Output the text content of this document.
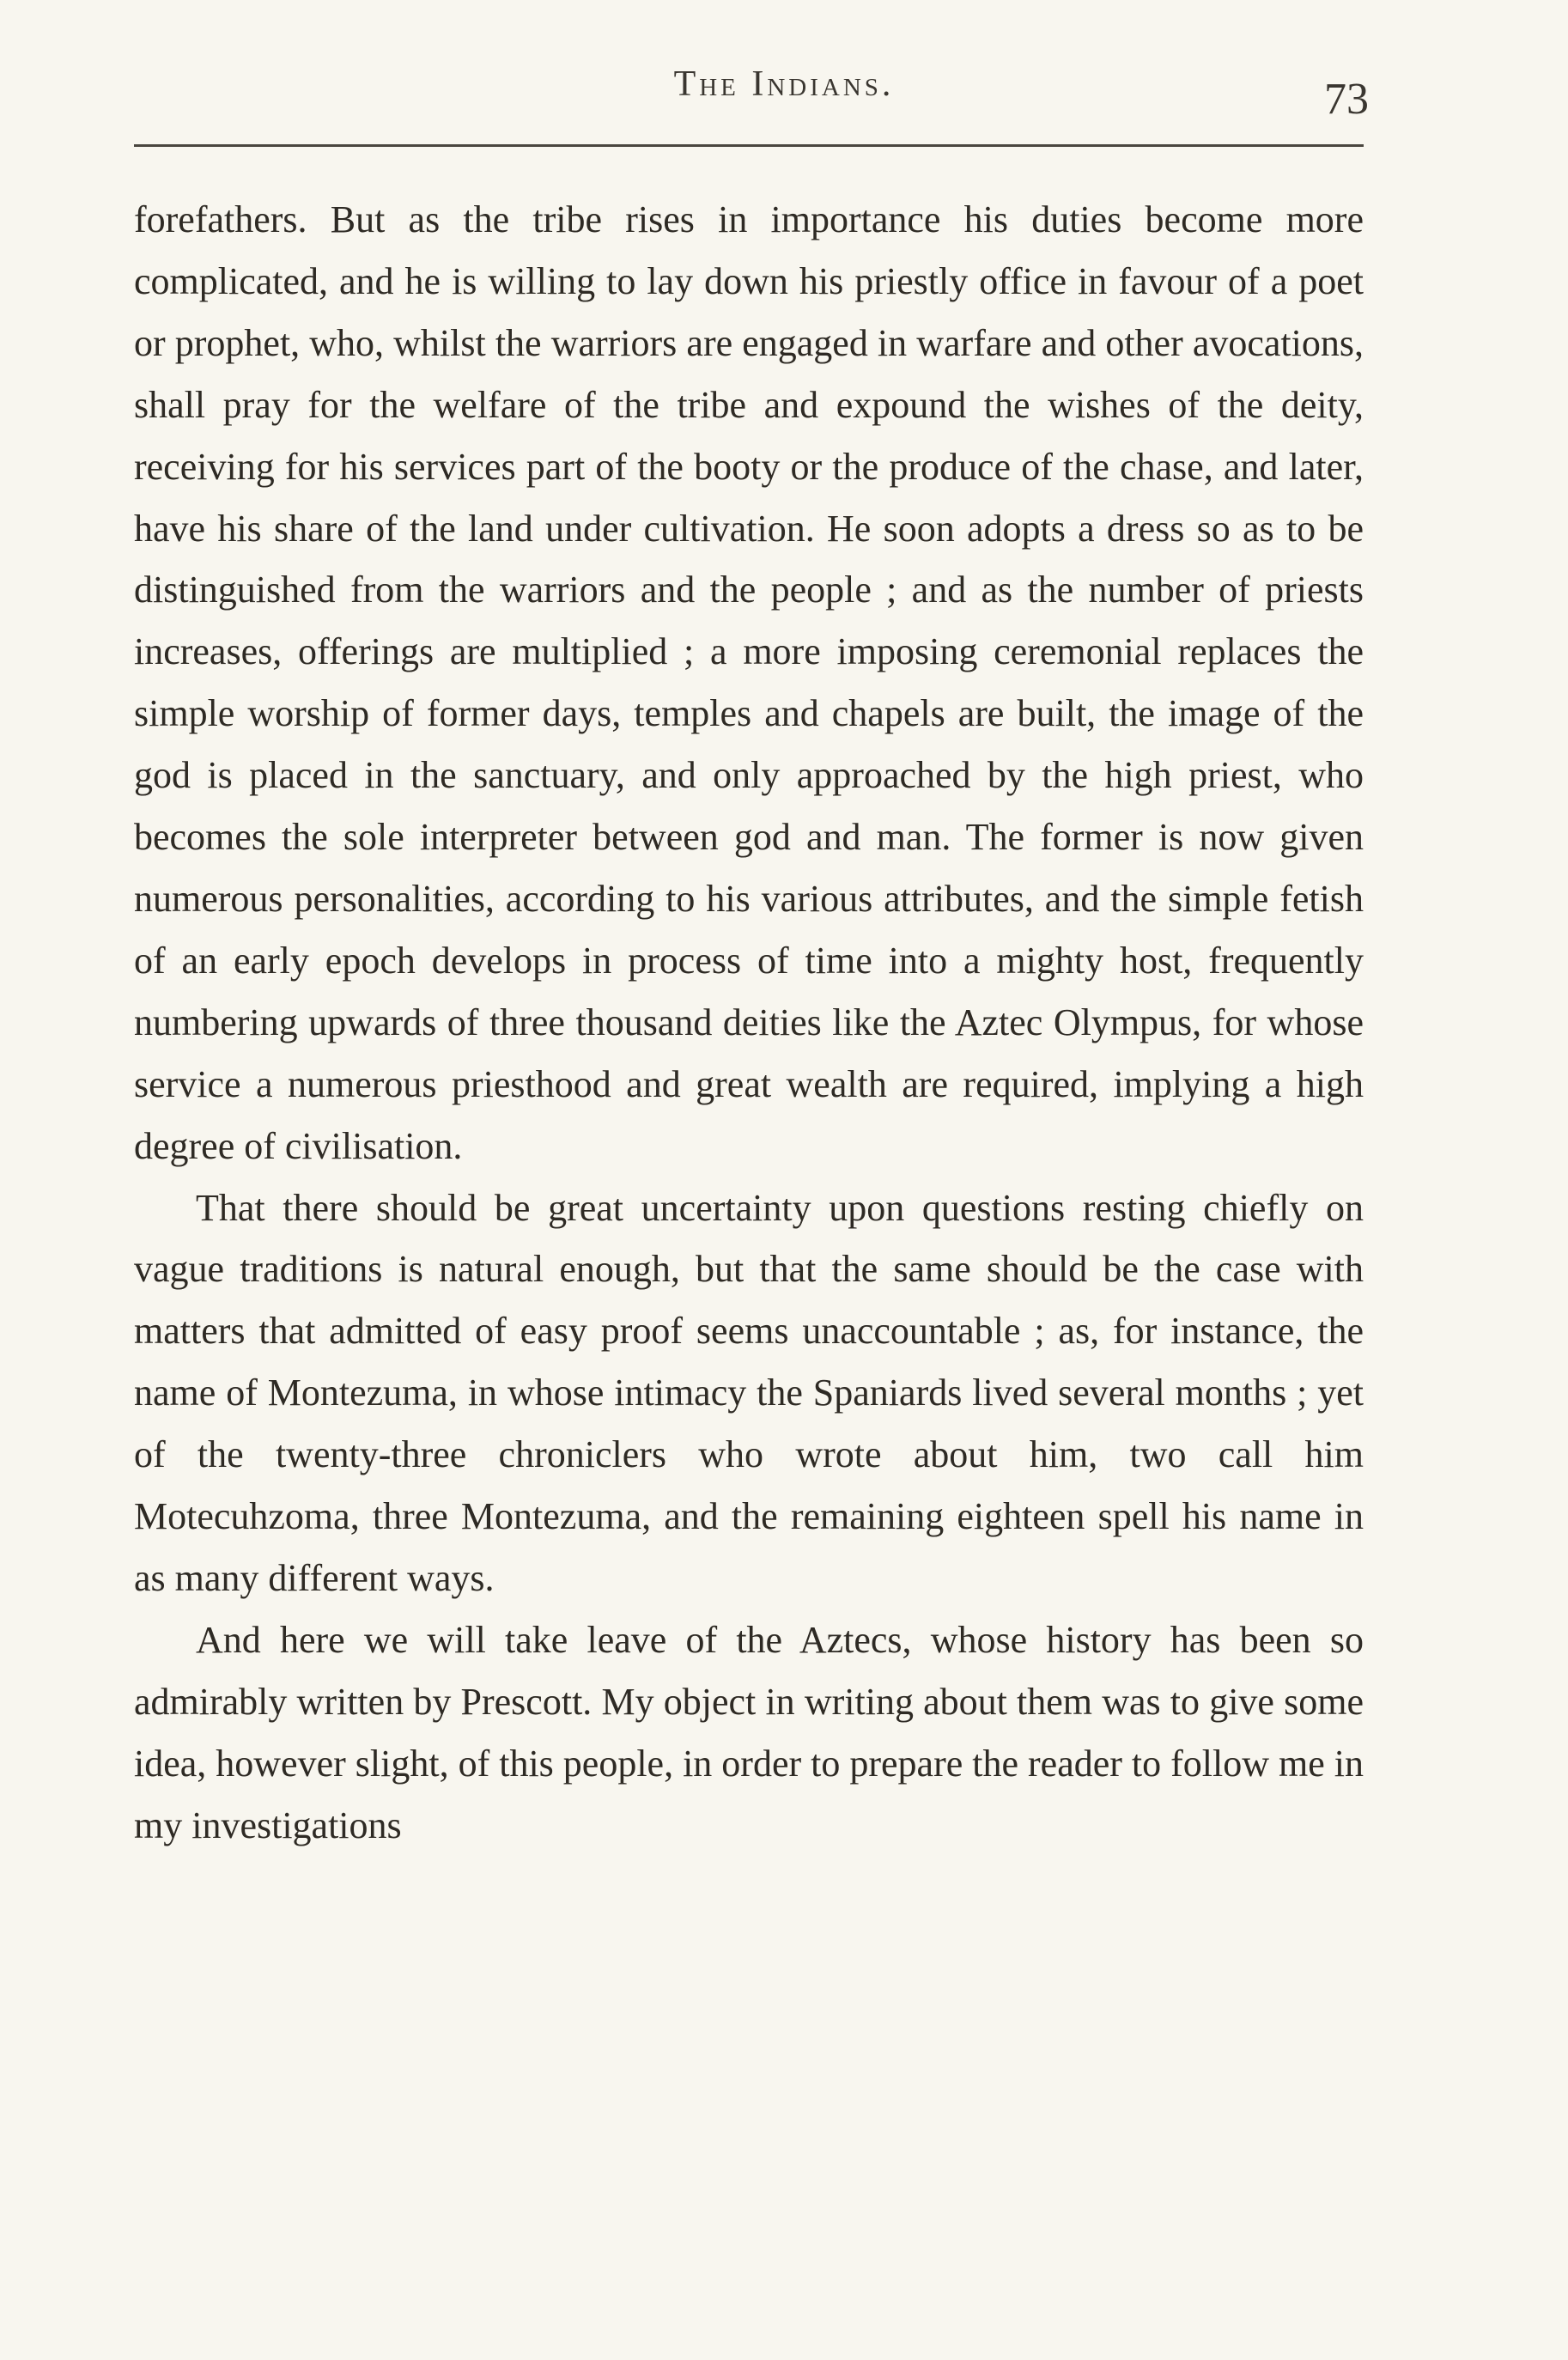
The Indians.	73

forefathers. But as the tribe rises in importance his duties become more complicated, and he is willing to lay down his priestly office in favour of a poet or prophet, who, whilst the warriors are engaged in warfare and other avocations, shall pray for the welfare of the tribe and expound the wishes of the deity, receiving for his services part of the booty or the produce of the chase, and later, have his share of the land under cultivation. He soon adopts a dress so as to be distinguished from the warriors and the people ; and as the number of priests increases, offerings are multiplied ; a more imposing ceremonial replaces the simple worship of former days, temples and chapels are built, the image of the god is placed in the sanctuary, and only approached by the high priest, who becomes the sole interpreter between god and man. The former is now given numerous personalities, according to his various attributes, and the simple fetish of an early epoch develops in process of time into a mighty host, frequently numbering upwards of three thousand deities like the Aztec Olympus, for whose service a numerous priesthood and great wealth are required, implying a high degree of civilisation.

That there should be great uncertainty upon questions resting chiefly on vague traditions is natural enough, but that the same should be the case with matters that admitted of easy proof seems unaccountable ; as, for instance, the name of Montezuma, in whose intimacy the Spaniards lived several months ; yet of the twenty-three chroniclers who wrote about him, two call him Motecuhzoma, three Montezuma, and the remaining eighteen spell his name in as many different ways.

And here we will take leave of the Aztecs, whose history has been so admirably written by Prescott. My object in writing about them was to give some idea, however slight, of this people, in order to prepare the reader to follow me in my investigations
